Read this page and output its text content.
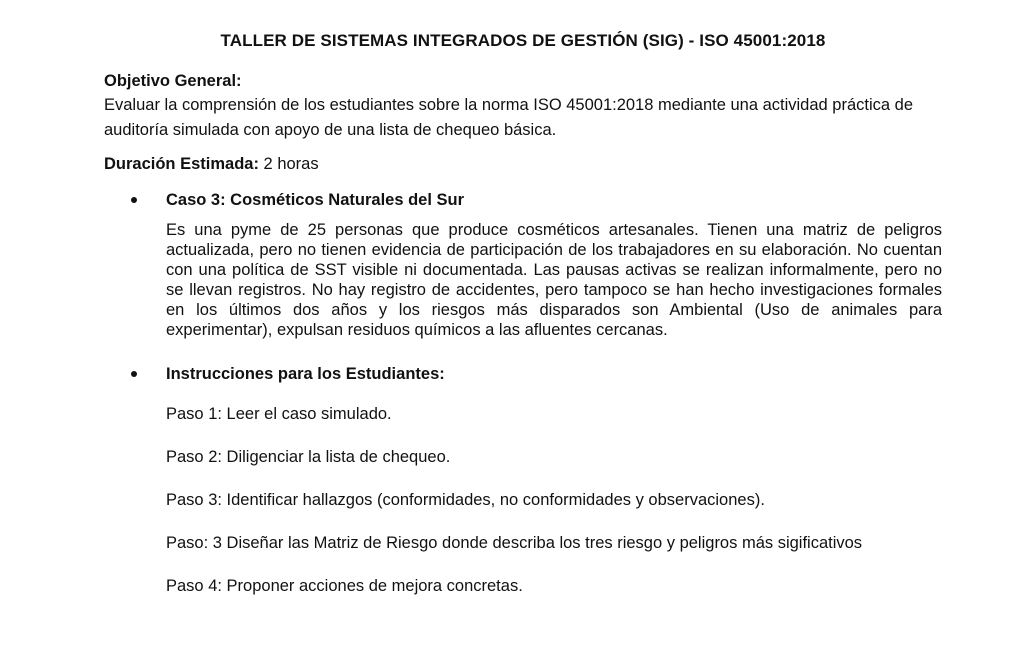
TALLER DE SISTEMAS INTEGRADOS DE GESTIÓN (SIG) - ISO 45001:2018

Objetivo General:

Evaluar la comprensión de los estudiantes sobre la norma ISO 45001:2018 mediante una actividad práctica de auditoría simulada con apoyo de una lista de chequeo básica.

Duración Estimada: 2 horas

Caso 3: Cosméticos Naturales del Sur

Es una pyme de 25 personas que produce cosméticos artesanales. Tienen una matriz de peligros actualizada, pero no tienen evidencia de participación de los trabajadores en su elaboración. No cuentan con una política de SST visible ni documentada. Las pausas activas se realizan informalmente, pero no se llevan registros. No hay registro de accidentes, pero tampoco se han hecho investigaciones formales en los últimos dos años y los riesgos más disparados son Ambiental (Uso de animales para experimentar), expulsan residuos químicos a las afluentes cercanas.

Instrucciones para los Estudiantes:

Paso 1: Leer el caso simulado.

Paso 2: Diligenciar la lista de chequeo.

Paso 3: Identificar hallazgos (conformidades, no conformidades y observaciones).

Paso: 3 Diseñar las Matriz de Riesgo donde describa los tres riesgo y peligros más sigificativos

Paso 4: Proponer acciones de mejora concretas.
